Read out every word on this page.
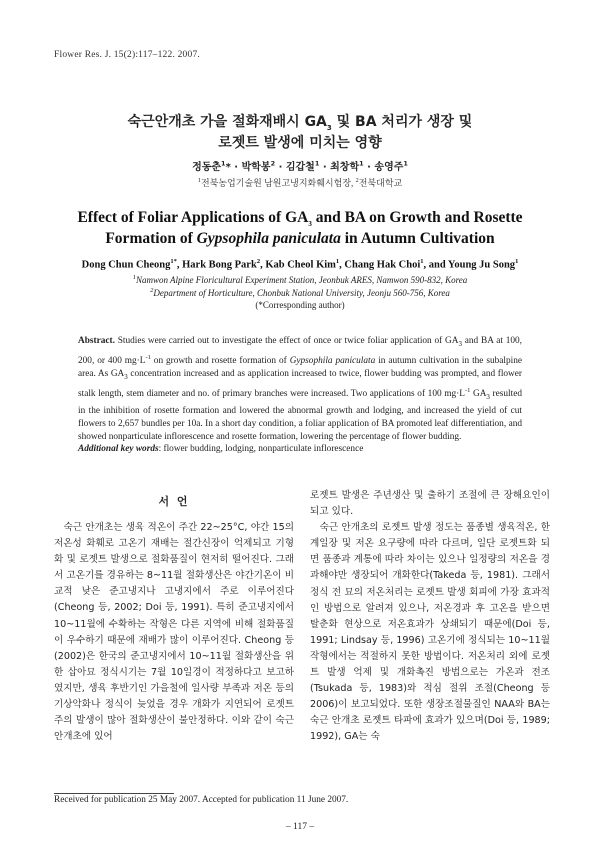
Flower Res. J. 15(2):117–122. 2007.
숙근안개초 가을 절화재배시 $GA_3$ 및 BA 처리가 생장 및
로젯트 발생에 미치는 영향
정동춘$^1$* · 박학봉$^2$ · 김갑철$^1$ · 최창학$^1$ · 송영주$^1$
$^1$전북농업기술원 남원고냉지화훼시험장, $^2$전북대학교
Effect of Foliar Applications of $GA_3$ and BA on Growth and Rosette
Formation of Gypsophila paniculata in Autumn Cultivation
Dong Chun Cheong$^{1*}$, Hark Bong Park$^2$, Kab Cheol Kim$^1$, Chang Hak Choi$^1$, and Young Ju Song$^1$
$^1$Namwon Alpine Floricultural Experiment Station, Jeonbuk ARES, Namwon 590-832, Korea
$^2$Department of Horticulture, Chonbuk National University, Jeonju 560-756, Korea
(*Corresponding author)
Abstract. Studies were carried out to investigate the effect of once or twice foliar application of $GA_3$ and BA at 100, 200, or 400 $mg\cdot L^{-1}$ on growth and rosette formation of Gypsophila paniculata in autumn cultivation in the subalpine area. As $GA_3$ concentration increased and as application increased to twice, flower budding was prompted, and flower stalk length, stem diameter and no. of primary branches were increased. Two applications of 100 $mg\cdot L^{-1}$ $GA_3$ resulted in the inhibition of rosette formation and lowered the abnormal growth and lodging, and increased the yield of cut flowers to 2,657 bundles per 10a. In a short day condition, a foliar application of BA promoted leaf differentiation, and showed nonparticulate inflorescence and rosette formation, lowering the percentage of flower budding.
Additional key words: flower budding, lodging, nonparticulate inflorescence
서 언

숙근 안개초는 생육 적온이 주간 22~25°C, 야간 15의 저온성 화훼로 고온기 재배는 절간신장이 억제되고 기형화 및 로젯트 발생으로 절화품질이 현저히 떨어진다. 그래서 고온기를 경유하는 8~11월 절화생산은 야간기온이 비교적 낮은 준고냉지나 고냉지에서 주로 이루어진다(Cheong 등, 2002; Doi 등, 1991). 특히 준고냉지에서 10~11월에 수확하는 작형은 다른 지역에 비해 절화품질이 우수하기 때문에 재배가 많이 이루어진다. Cheong 등(2002)은 한국의 준고냉지에서 10~11월 절화생산을 위한 삽아묘 정식시기는 7월 10일경이 적정하다고 보고하였지만, 생육 후반기인 가을철에 일사량 부족과 저온 등의 기상악화나 정식이 늦었을 경우 개화가 지연되어 로젯트 주의 발생이 많아 절화생산이 불안정하다. 이와 같이 숙근 안개초에 있어

로젯트 발생은 주년생산 및 출하기 조절에 큰 장해요인이 되고 있다.

숙근 안개초의 로젯트 발생 정도는 품종별 생육적온, 한계일장 및 저온 요구량에 따라 다르며, 일단 로젯트화 되면 품종과 계통에 따라 차이는 있으나 일정량의 저온을 경과해야만 생장되어 개화한다(Takeda 등, 1981). 그래서 정식 전 묘의 저온처리는 로젯트 발생 회피에 가장 효과적인 방법으로 알려져 있으나, 저온경과 후 고온을 받으면 탈춘화 현상으로 저온효과가 상쇄되기 때문에(Doi 등, 1991; Lindsay 등, 1996) 고온기에 정식되는 10~11월 작형에서는 적절하지 못한 방법이다. 저온처리 외에 로젯트 발생 억제 및 개화촉진 방법으로는 가온과 전조(Tsukada 등, 1983)와 적심 절위 조절(Cheong 등 2006)이 보고되었다. 또한 생장조절물질인 NAA와 BA는 숙근 안개초 로젯트 타파에 효과가 있으며(Doi 등, 1989; 1992), GA는 숙

Received for publication 25 May 2007. Accepted for publication 11 June 2007.
– 117 –
